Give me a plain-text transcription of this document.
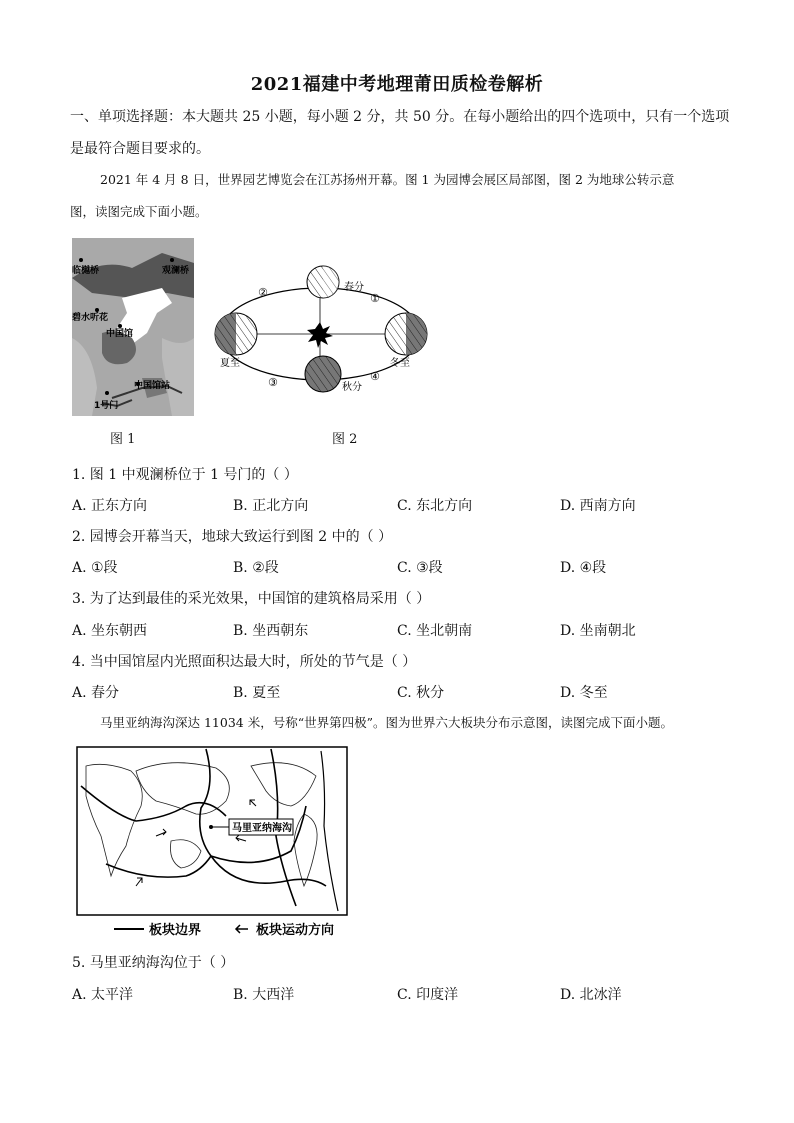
2021福建中考地理莆田质检卷解析
一、单项选择题：本大题共 25 小题，每小题 2 分，共 50 分。在每小题给出的四个选项中，只有一个选项
是最符合题目要求的。
2021 年 4 月 8 日，世界园艺博览会在江苏扬州开幕。图 1 为园博会展区局部图，图 2 为地球公转示意
图，读图完成下面小题。
临樾桥	观澜桥
碧水听花
中国馆
中国馆站
1号门
图 1
春分
夏至
秋分
冬至
①
②
③	④
图 2
1. 图 1 中观澜桥位于 1 号门的（ ）
A. 正东方向	B. 正北方向	C. 东北方向	D. 西南方向
2. 园博会开幕当天，地球大致运行到图 2 中的（ ）
A. ①段	B. ②段	C. ③段	D. ④段
3. 为了达到最佳的采光效果，中国馆的建筑格局采用（ ）
A. 坐东朝西	B. 坐西朝东	C. 坐北朝南	D. 坐南朝北
4. 当中国馆屋内光照面积达最大时，所处的节气是（ ）
A. 春分	B. 夏至	C. 秋分	D. 冬至
马里亚纳海沟深达 11034 米，号称“世界第四极”。图为世界六大板块分布示意图，读图完成下面小题。
马里亚纳海沟
板块边界	板块运动方向
5. 马里亚纳海沟位于（ ）
A. 太平洋	B. 大西洋	C. 印度洋	D. 北冰洋
